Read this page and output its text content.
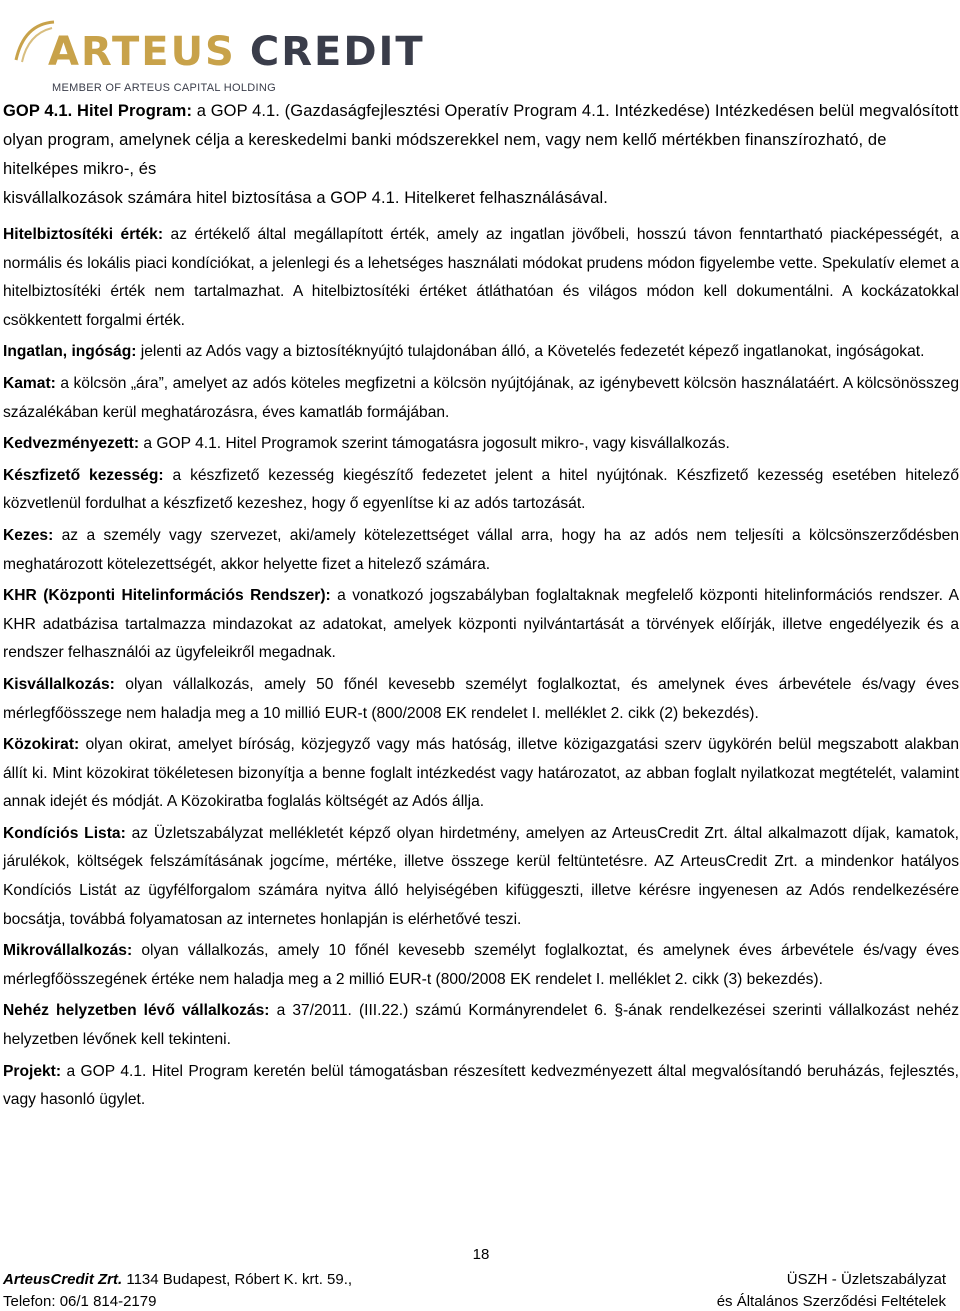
ARTEUS CREDIT
MEMBER OF ARTEUS CAPITAL HOLDING

GOP 4.1. Hitel Program: a GOP 4.1. (Gazdaságfejlesztési Operatív Program 4.1. Intézkedése) Intézkedésen belül megvalósított olyan program, amelynek célja a kereskedelmi banki módszerekkel nem, vagy nem kellő mértékben finanszírozható, de hitelképes mikro-, és

kisvállalkozások számára hitel biztosítása a GOP 4.1. Hitelkeret felhasználásával.

Hitelbiztosítéki érték: az értékelő által megállapított érték, amely az ingatlan jövőbeli, hosszú távon fenntartható piacképességét, a normális és lokális piaci kondíciókat, a jelenlegi és a lehetséges használati módokat prudens módon figyelembe vette. Spekulatív elemet a hitelbiztosítéki érték nem tartalmazhat. A hitelbiztosítéki értéket átláthatóan és világos módon kell dokumentálni. A kockázatokkal csökkentett forgalmi érték.

Ingatlan, ingóság: jelenti az Adós vagy a biztosítéknyújtó tulajdonában álló, a Követelés fedezetét képező ingatlanokat, ingóságokat.

Kamat: a kölcsön „ára”, amelyet az adós köteles megfizetni a kölcsön nyújtójának, az igénybevett kölcsön használatáért. A kölcsönösszeg százalékában kerül meghatározásra, éves kamatláb formájában.

Kedvezményezett: a GOP 4.1. Hitel Programok szerint támogatásra jogosult mikro-, vagy kisvállalkozás.

Készfizető kezesség: a készfizető kezesség kiegészítő fedezetet jelent a hitel nyújtónak. Készfizető kezesség esetében hitelező közvetlenül fordulhat a készfizető kezeshez, hogy ő egyenlítse ki az adós tartozását.

Kezes: az a személy vagy szervezet, aki/amely kötelezettséget vállal arra, hogy ha az adós nem teljesíti a kölcsönszerződésben meghatározott kötelezettségét, akkor helyette fizet a hitelező számára.

KHR (Központi Hitelinformációs Rendszer): a vonatkozó jogszabályban foglaltaknak megfelelő központi hitelinformációs rendszer. A KHR adatbázisa tartalmazza mindazokat az adatokat, amelyek központi nyilvántartását a törvények előírják, illetve engedélyezik és a rendszer felhasználói az ügyfeleikről megadnak.

Kisvállalkozás: olyan vállalkozás, amely 50 főnél kevesebb személyt foglalkoztat, és amelynek éves árbevétele és/vagy éves mérlegfőösszege nem haladja meg a 10 millió EUR-t (800/2008 EK rendelet I. melléklet 2. cikk (2) bekezdés).

Közokirat: olyan okirat, amelyet bíróság, közjegyző vagy más hatóság, illetve közigazgatási szerv ügykörén belül megszabott alakban állít ki. Mint közokirat tökéletesen bizonyítja a benne foglalt intézkedést vagy határozatot, az abban foglalt nyilatkozat megtételét, valamint annak idejét és módját. A Közokiratba foglalás költségét az Adós állja.

Kondíciós Lista: az Üzletszabályzat mellékletét képző olyan hirdetmény, amelyen az ArteusCredit Zrt. által alkalmazott díjak, kamatok, járulékok, költségek felszámításának jogcíme, mértéke, illetve összege kerül feltüntetésre. AZ ArteusCredit Zrt. a mindenkor hatályos Kondíciós Listát az ügyfélforgalom számára nyitva álló helyiségében kifüggeszti, illetve kérésre ingyenesen az Adós rendelkezésére bocsátja, továbbá folyamatosan az internetes honlapján is elérhetővé teszi.

Mikrovállalkozás: olyan vállalkozás, amely 10 főnél kevesebb személyt foglalkoztat, és amelynek éves árbevétele és/vagy éves mérlegfőösszegének értéke nem haladja meg a 2 millió EUR-t (800/2008 EK rendelet I. melléklet 2. cikk (3) bekezdés).

Nehéz helyzetben lévő vállalkozás: a 37/2011. (III.22.) számú Kormányrendelet 6. §-ának rendelkezései szerinti vállalkozást nehéz helyzetben lévőnek kell tekinteni.

Projekt: a GOP 4.1. Hitel Program keretén belül támogatásban részesített kedvezményezett által megvalósítandó beruházás, fejlesztés, vagy hasonló ügylet.

18
ArteusCredit Zrt. 1134 Budapest, Róbert K. krt. 59.,
Telefon: 06/1 814-2179
ÜSZH - Üzletszabályzat
és Általános Szerződési Feltételek
